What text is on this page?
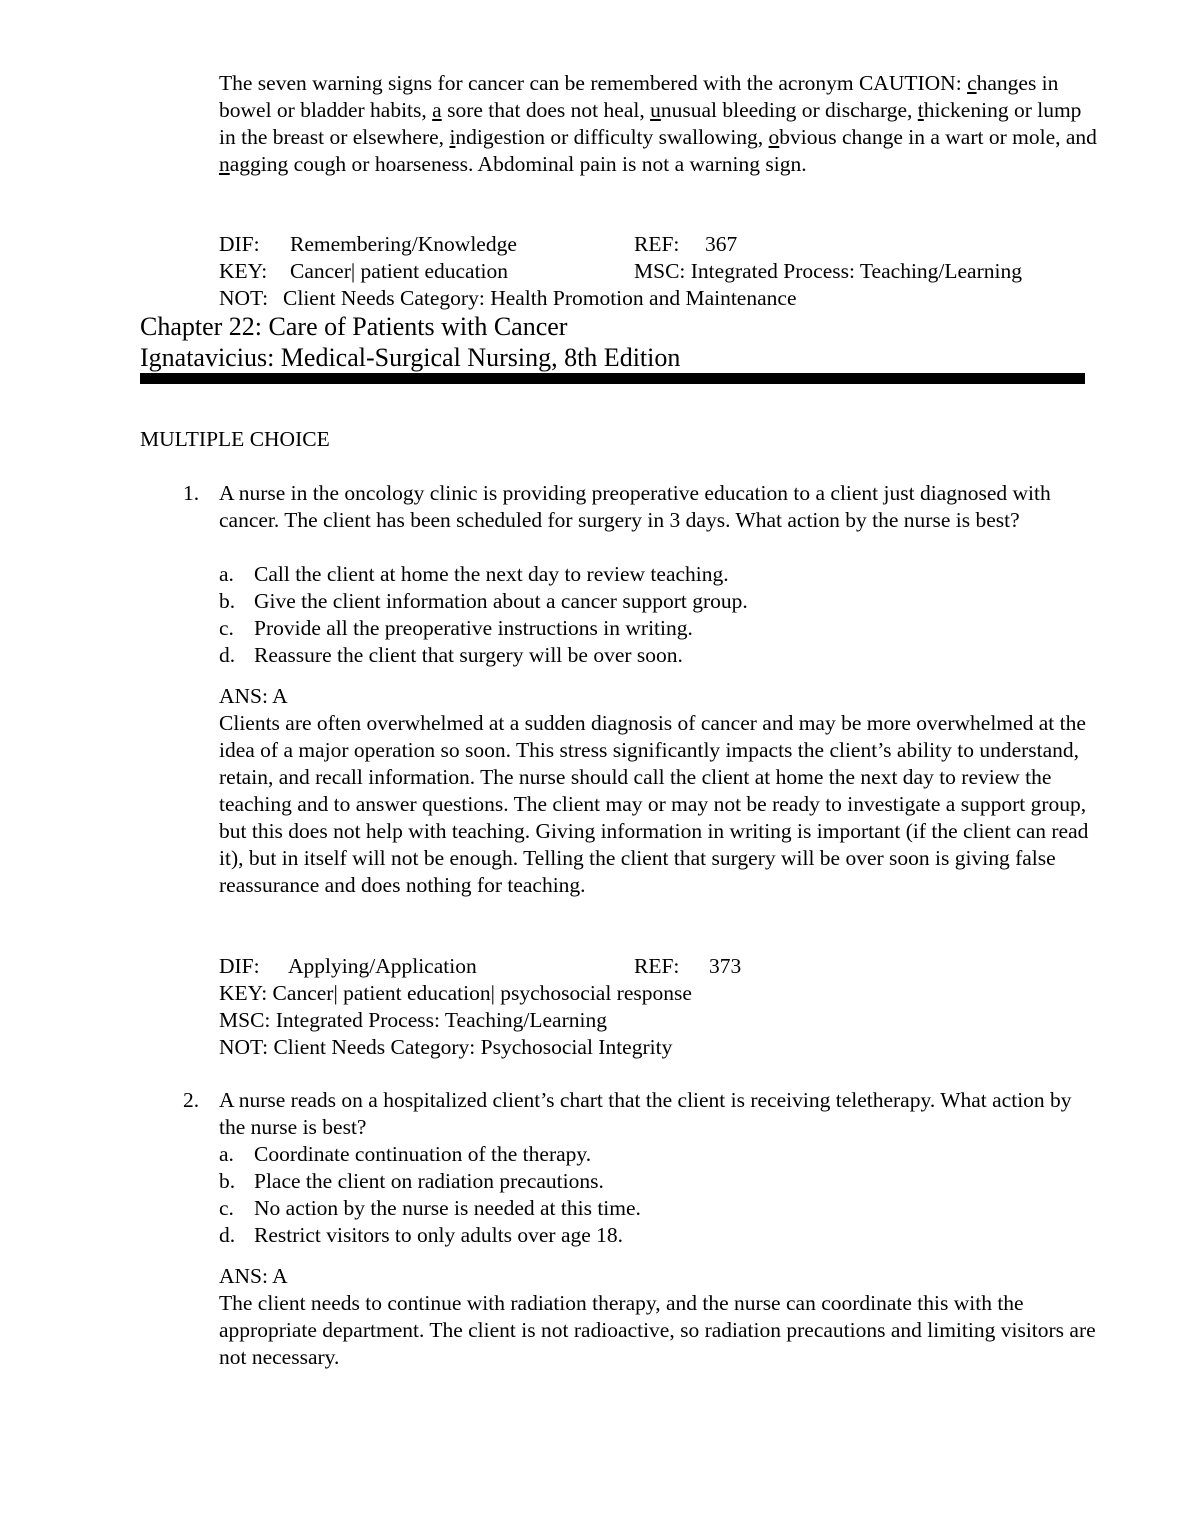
The seven warning signs for cancer can be remembered with the acronym CAUTION: changes in bowel or bladder habits, a sore that does not heal, unusual bleeding or discharge, thickening or lump in the breast or elsewhere, indigestion or difficulty swallowing, obvious change in a wart or mole, and nagging cough or hoarseness. Abdominal pain is not a warning sign.
DIF: Remembering/Knowledge	REF: 367
KEY: Cancer| patient education	MSC: Integrated Process: Teaching/Learning
NOT: Client Needs Category: Health Promotion and Maintenance
Chapter 22: Care of Patients with Cancer
Ignatavicius: Medical-Surgical Nursing, 8th Edition
MULTIPLE CHOICE
1. A nurse in the oncology clinic is providing preoperative education to a client just diagnosed with cancer. The client has been scheduled for surgery in 3 days. What action by the nurse is best?
a. Call the client at home the next day to review teaching.
b. Give the client information about a cancer support group.
c. Provide all the preoperative instructions in writing.
d. Reassure the client that surgery will be over soon.
ANS: A
Clients are often overwhelmed at a sudden diagnosis of cancer and may be more overwhelmed at the idea of a major operation so soon. This stress significantly impacts the client’s ability to understand, retain, and recall information. The nurse should call the client at home the next day to review the teaching and to answer questions. The client may or may not be ready to investigate a support group, but this does not help with teaching. Giving information in writing is important (if the client can read it), but in itself will not be enough. Telling the client that surgery will be over soon is giving false reassurance and does nothing for teaching.
DIF: Applying/Application	REF: 373
KEY: Cancer| patient education| psychosocial response
MSC: Integrated Process: Teaching/Learning
NOT: Client Needs Category: Psychosocial Integrity
2. A nurse reads on a hospitalized client’s chart that the client is receiving teletherapy. What action by the nurse is best?
a. Coordinate continuation of the therapy.
b. Place the client on radiation precautions.
c. No action by the nurse is needed at this time.
d. Restrict visitors to only adults over age 18.
ANS: A
The client needs to continue with radiation therapy, and the nurse can coordinate this with the appropriate department. The client is not radioactive, so radiation precautions and limiting visitors are not necessary.
